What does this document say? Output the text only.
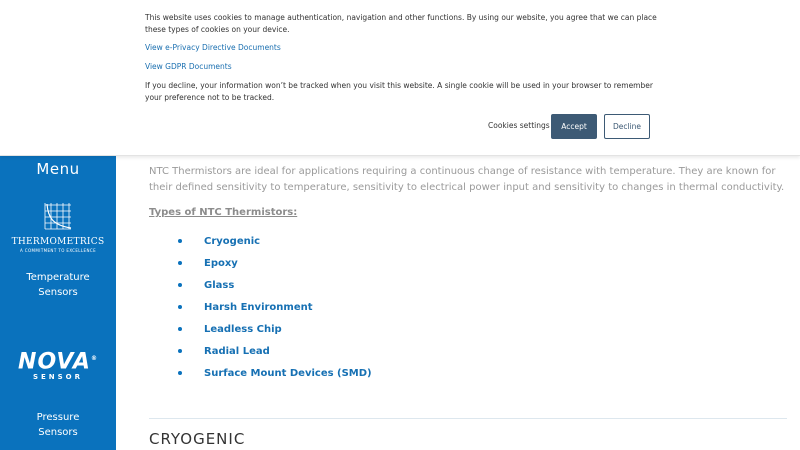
Menu
THERMOMETRICS
A COMMITMENT TO EXCELLENCE
Temperature
Sensors
NOVA®
SENSOR
Pressure
Sensors

NTC Thermistors are ideal for applications requiring a continuous change of resistance with temperature. They are known for their defined sensitivity to temperature, sensitivity to electrical power input and sensitivity to changes in thermal conductivity.

Types of NTC Thermistors:
Cryogenic
Epoxy
Glass
Harsh Environment
Leadless Chip
Radial Lead
Surface Mount Devices (SMD)
CRYOGENIC
This website uses cookies to manage authentication, navigation and other functions. By using our website, you agree that we can place these types of cookies on your device.
View e-Privacy Directive Documents
View GDPR Documents
If you decline, your information won’t be tracked when you visit this website. A single cookie will be used in your browser to remember your preference not to be tracked.
Cookies settings	Accept	Decline
